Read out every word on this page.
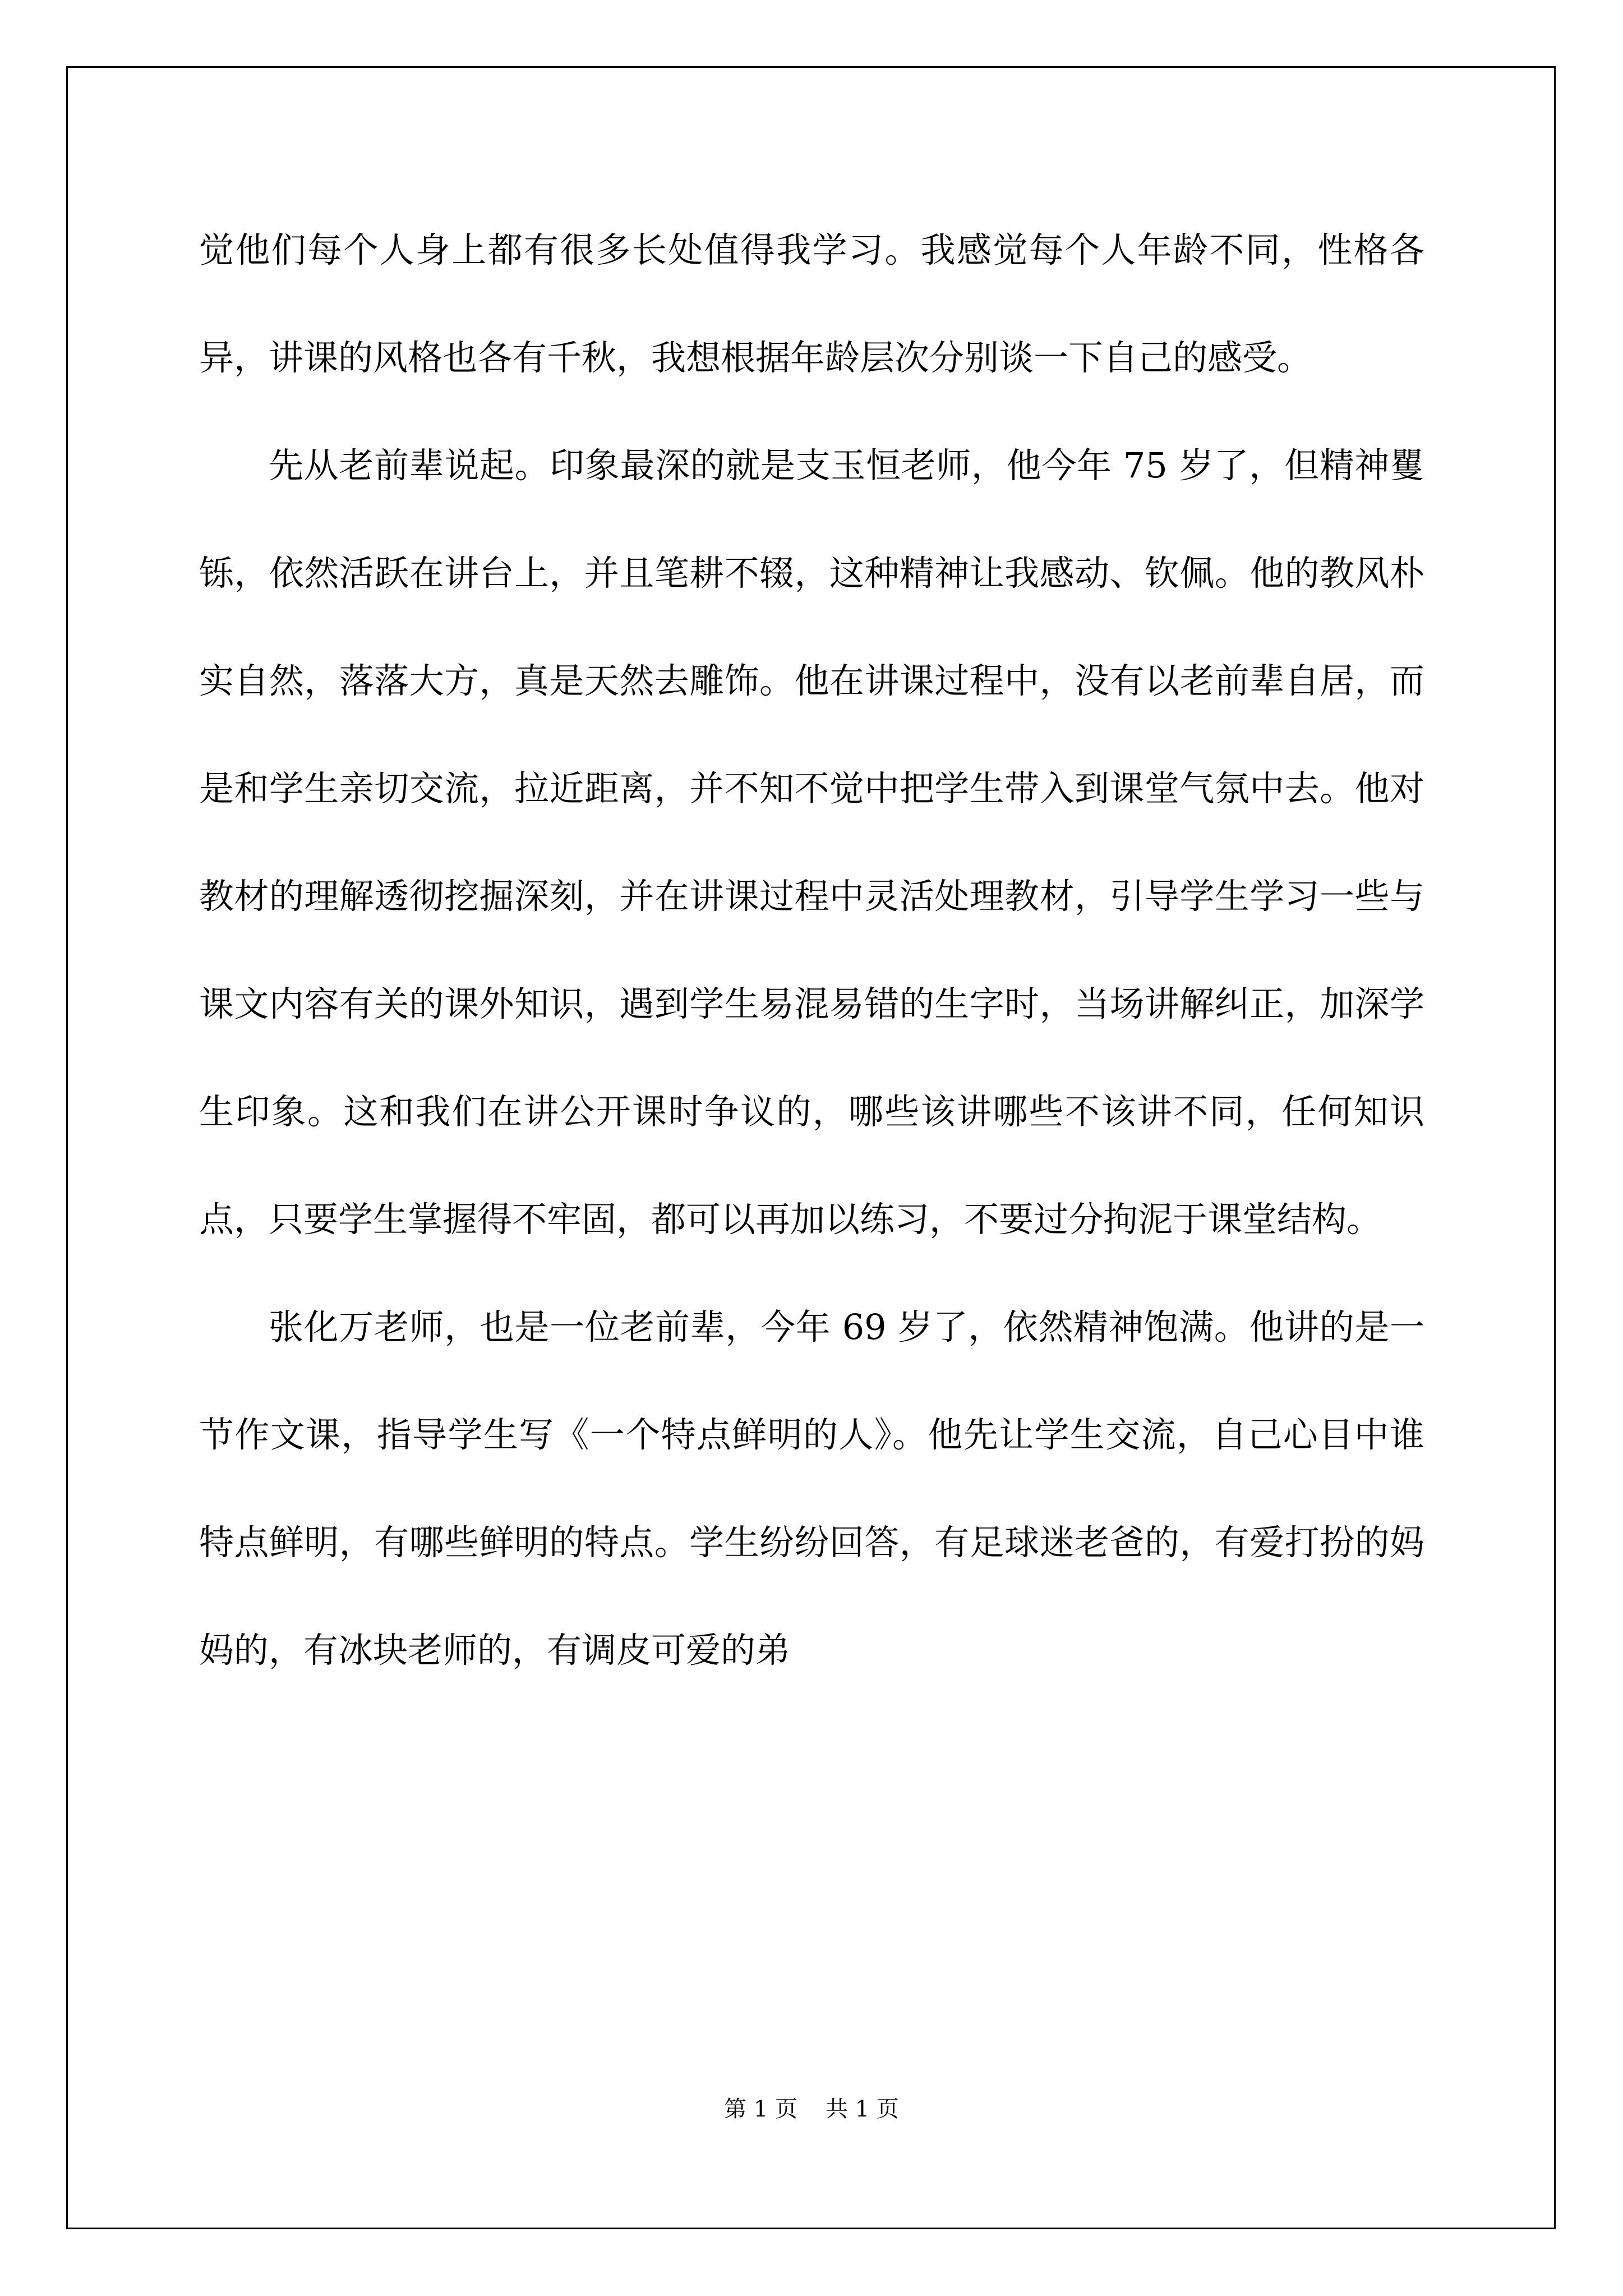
觉他们每个人身上都有很多长处值得我学习。我感觉每个人年龄不同，性格各异，讲课的风格也各有千秋，我想根据年龄层次分别谈一下自己的感受。

先从老前辈说起。印象最深的就是支玉恒老师，他今年 75 岁了，但精神矍铄，依然活跃在讲台上，并且笔耕不辍，这种精神让我感动、钦佩。他的教风朴实自然，落落大方，真是天然去雕饰。他在讲课过程中，没有以老前辈自居，而是和学生亲切交流，拉近距离，并不知不觉中把学生带入到课堂气氛中去。他对教材的理解透彻挖掘深刻，并在讲课过程中灵活处理教材，引导学生学习一些与课文内容有关的课外知识，遇到学生易混易错的生字时，当场讲解纠正，加深学生印象。这和我们在讲公开课时争议的，哪些该讲哪些不该讲不同，任何知识点，只要学生掌握得不牢固，都可以再加以练习，不要过分拘泥于课堂结构。

张化万老师，也是一位老前辈，今年 69 岁了，依然精神饱满。他讲的是一节作文课，指导学生写《一个特点鲜明的人》。他先让学生交流，自己心目中谁特点鲜明，有哪些鲜明的特点。学生纷纷回答，有足球迷老爸的，有爱打扮的妈妈的，有冰块老师的，有调皮可爱的弟

第 1 页 共 1 页
